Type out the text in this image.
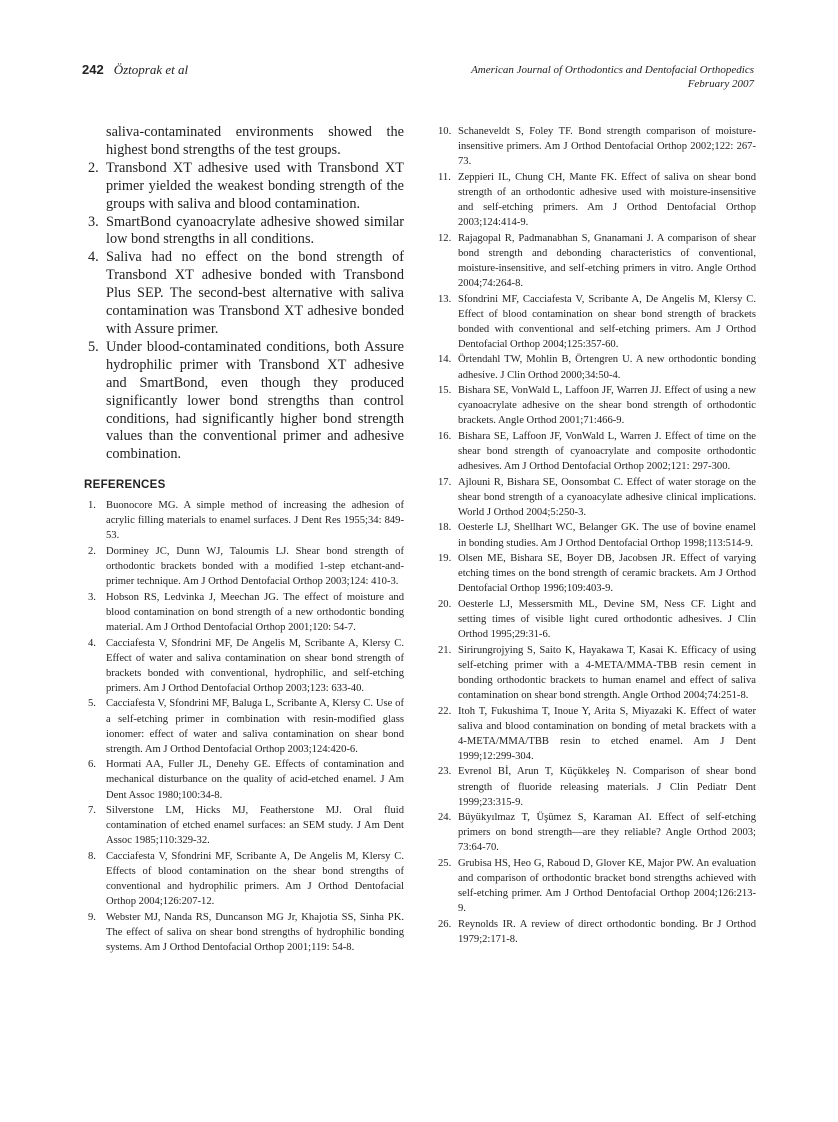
242 Öztoprak et al	American Journal of Orthodontics and Dentofacial Orthopedics
February 2007
saliva-contaminated environments showed the highest bond strengths of the test groups.
2. Transbond XT adhesive used with Transbond XT primer yielded the weakest bonding strength of the groups with saliva and blood contamination.
3. SmartBond cyanoacrylate adhesive showed similar low bond strengths in all conditions.
4. Saliva had no effect on the bond strength of Transbond XT adhesive bonded with Transbond Plus SEP. The second-best alternative with saliva contamination was Transbond XT adhesive bonded with Assure primer.
5. Under blood-contaminated conditions, both Assure hydrophilic primer with Transbond XT adhesive and SmartBond, even though they produced significantly lower bond strengths than control conditions, had significantly higher bond strength values than the conventional primer and adhesive combination.
REFERENCES
1. Buonocore MG. A simple method of increasing the adhesion of acrylic filling materials to enamel surfaces. J Dent Res 1955;34: 849-53.
2. Dorminey JC, Dunn WJ, Taloumis LJ. Shear bond strength of orthodontic brackets bonded with a modified 1-step etchant-and-primer technique. Am J Orthod Dentofacial Orthop 2003;124: 410-3.
3. Hobson RS, Ledvinka J, Meechan JG. The effect of moisture and blood contamination on bond strength of a new orthodontic bonding material. Am J Orthod Dentofacial Orthop 2001;120: 54-7.
4. Cacciafesta V, Sfondrini MF, De Angelis M, Scribante A, Klersy C. Effect of water and saliva contamination on shear bond strength of brackets bonded with conventional, hydrophilic, and self-etching primers. Am J Orthod Dentofacial Orthop 2003;123: 633-40.
5. Cacciafesta V, Sfondrini MF, Baluga L, Scribante A, Klersy C. Use of a self-etching primer in combination with resin-modified glass ionomer: effect of water and saliva contamination on shear bond strength. Am J Orthod Dentofacial Orthop 2003;124:420-6.
6. Hormati AA, Fuller JL, Denehy GE. Effects of contamination and mechanical disturbance on the quality of acid-etched enamel. J Am Dent Assoc 1980;100:34-8.
7. Silverstone LM, Hicks MJ, Featherstone MJ. Oral fluid contamination of etched enamel surfaces: an SEM study. J Am Dent Assoc 1985;110:329-32.
8. Cacciafesta V, Sfondrini MF, Scribante A, De Angelis M, Klersy C. Effects of blood contamination on the shear bond strengths of conventional and hydrophilic primers. Am J Orthod Dentofacial Orthop 2004;126:207-12.
9. Webster MJ, Nanda RS, Duncanson MG Jr, Khajotia SS, Sinha PK. The effect of saliva on shear bond strengths of hydrophilic bonding systems. Am J Orthod Dentofacial Orthop 2001;119: 54-8.
10. Schaneveldt S, Foley TF. Bond strength comparison of moisture-insensitive primers. Am J Orthod Dentofacial Orthop 2002;122: 267-73.
11. Zeppieri IL, Chung CH, Mante FK. Effect of saliva on shear bond strength of an orthodontic adhesive used with moisture-insensitive and self-etching primers. Am J Orthod Dentofacial Orthop 2003;124:414-9.
12. Rajagopal R, Padmanabhan S, Gnanamani J. A comparison of shear bond strength and debonding characteristics of conventional, moisture-insensitive, and self-etching primers in vitro. Angle Orthod 2004;74:264-8.
13. Sfondrini MF, Cacciafesta V, Scribante A, De Angelis M, Klersy C. Effect of blood contamination on shear bond strength of brackets bonded with conventional and self-etching primers. Am J Orthod Dentofacial Orthop 2004;125:357-60.
14. Örtendahl TW, Mohlin B, Örtengren U. A new orthodontic bonding adhesive. J Clin Orthod 2000;34:50-4.
15. Bishara SE, VonWald L, Laffoon JF, Warren JJ. Effect of using a new cyanoacrylate adhesive on the shear bond strength of orthodontic brackets. Angle Orthod 2001;71:466-9.
16. Bishara SE, Laffoon JF, VonWald L, Warren J. Effect of time on the shear bond strength of cyanoacrylate and composite orthodontic adhesives. Am J Orthod Dentofacial Orthop 2002;121: 297-300.
17. Ajlouni R, Bishara SE, Oonsombat C. Effect of water storage on the shear bond strength of a cyanoacylate adhesive clinical implications. World J Orthod 2004;5:250-3.
18. Oesterle LJ, Shellhart WC, Belanger GK. The use of bovine enamel in bonding studies. Am J Orthod Dentofacial Orthop 1998;113:514-9.
19. Olsen ME, Bishara SE, Boyer DB, Jacobsen JR. Effect of varying etching times on the bond strength of ceramic brackets. Am J Orthod Dentofacial Orthop 1996;109:403-9.
20. Oesterle LJ, Messersmith ML, Devine SM, Ness CF. Light and setting times of visible light cured orthodontic adhesives. J Clin Orthod 1995;29:31-6.
21. Sirirungrojying S, Saito K, Hayakawa T, Kasai K. Efficacy of using self-etching primer with a 4-META/MMA-TBB resin cement in bonding orthodontic brackets to human enamel and effect of saliva contamination on shear bond strength. Angle Orthod 2004;74:251-8.
22. Itoh T, Fukushima T, Inoue Y, Arita S, Miyazaki K. Effect of water saliva and blood contamination on bonding of metal brackets with a 4-META/MMA/TBB resin to etched enamel. Am J Dent 1999;12:299-304.
23. Evrenol Bİ, Arun T, Küçükkeleş N. Comparison of shear bond strength of fluoride releasing materials. J Clin Pediatr Dent 1999;23:315-9.
24. Büyükyılmaz T, Üşümez S, Karaman AI. Effect of self-etching primers on bond strength—are they reliable? Angle Orthod 2003; 73:64-70.
25. Grubisa HS, Heo G, Raboud D, Glover KE, Major PW. An evaluation and comparison of orthodontic bracket bond strengths achieved with self-etching primer. Am J Orthod Dentofacial Orthop 2004;126:213-9.
26. Reynolds IR. A review of direct orthodontic bonding. Br J Orthod 1979;2:171-8.
